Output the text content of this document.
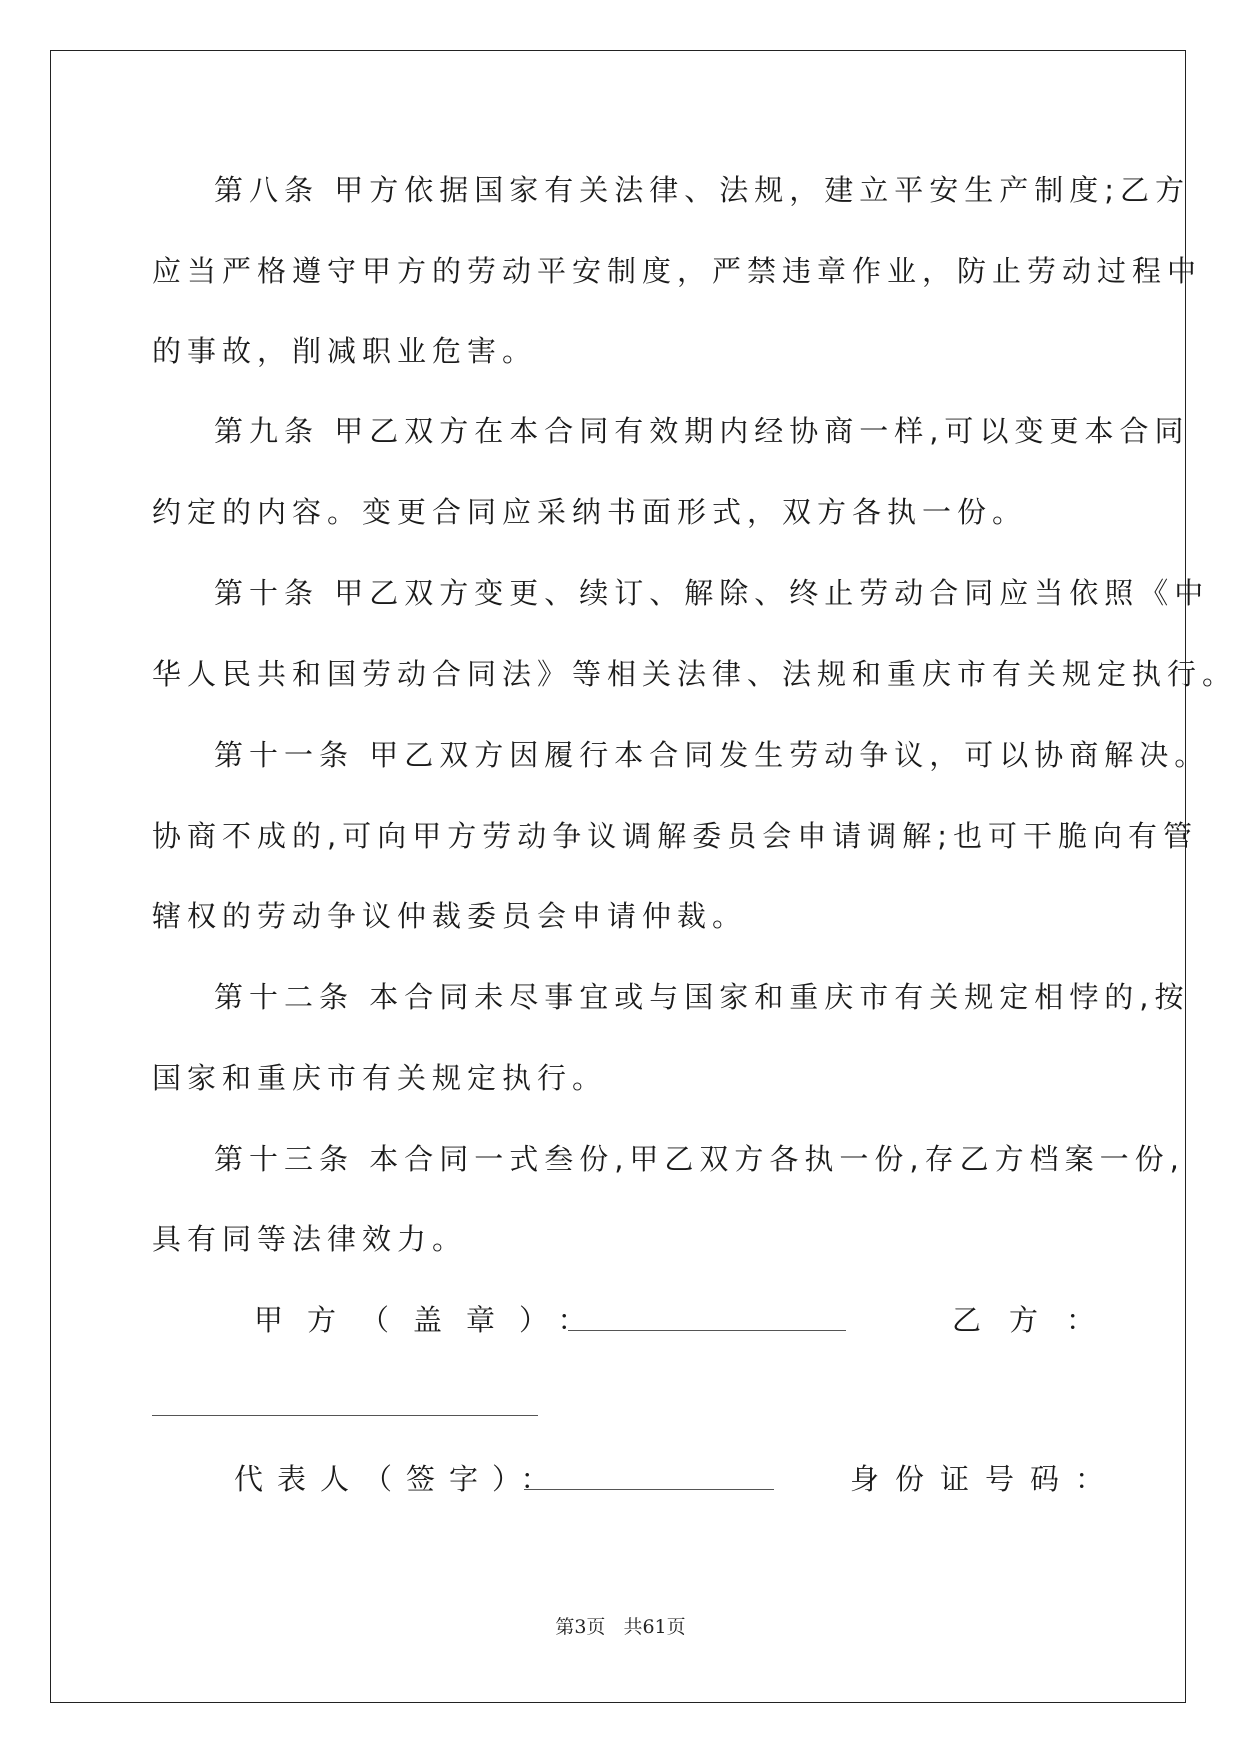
第八条 甲方依据国家有关法律、法规，建立平安生产制度;乙方
应当严格遵守甲方的劳动平安制度，严禁违章作业，防止劳动过程中
的事故，削减职业危害。
第九条 甲乙双方在本合同有效期内经协商一样,可以变更本合同
约定的内容。变更合同应采纳书面形式，双方各执一份。
第十条 甲乙双方变更、续订、解除、终止劳动合同应当依照《中
华人民共和国劳动合同法》等相关法律、法规和重庆市有关规定执行。
第十一条 甲乙双方因履行本合同发生劳动争议，可以协商解决。
协商不成的,可向甲方劳动争议调解委员会申请调解;也可干脆向有管
辖权的劳动争议仲裁委员会申请仲裁。
第十二条 本合同未尽事宜或与国家和重庆市有关规定相悖的,按
国家和重庆市有关规定执行。
第十三条 本合同一式叁份,甲乙双方各执一份,存乙方档案一份,
具有同等法律效力。
甲方（盖章）：	乙方：
代表人（签字）：	身份证号码：
第3页 共61页
